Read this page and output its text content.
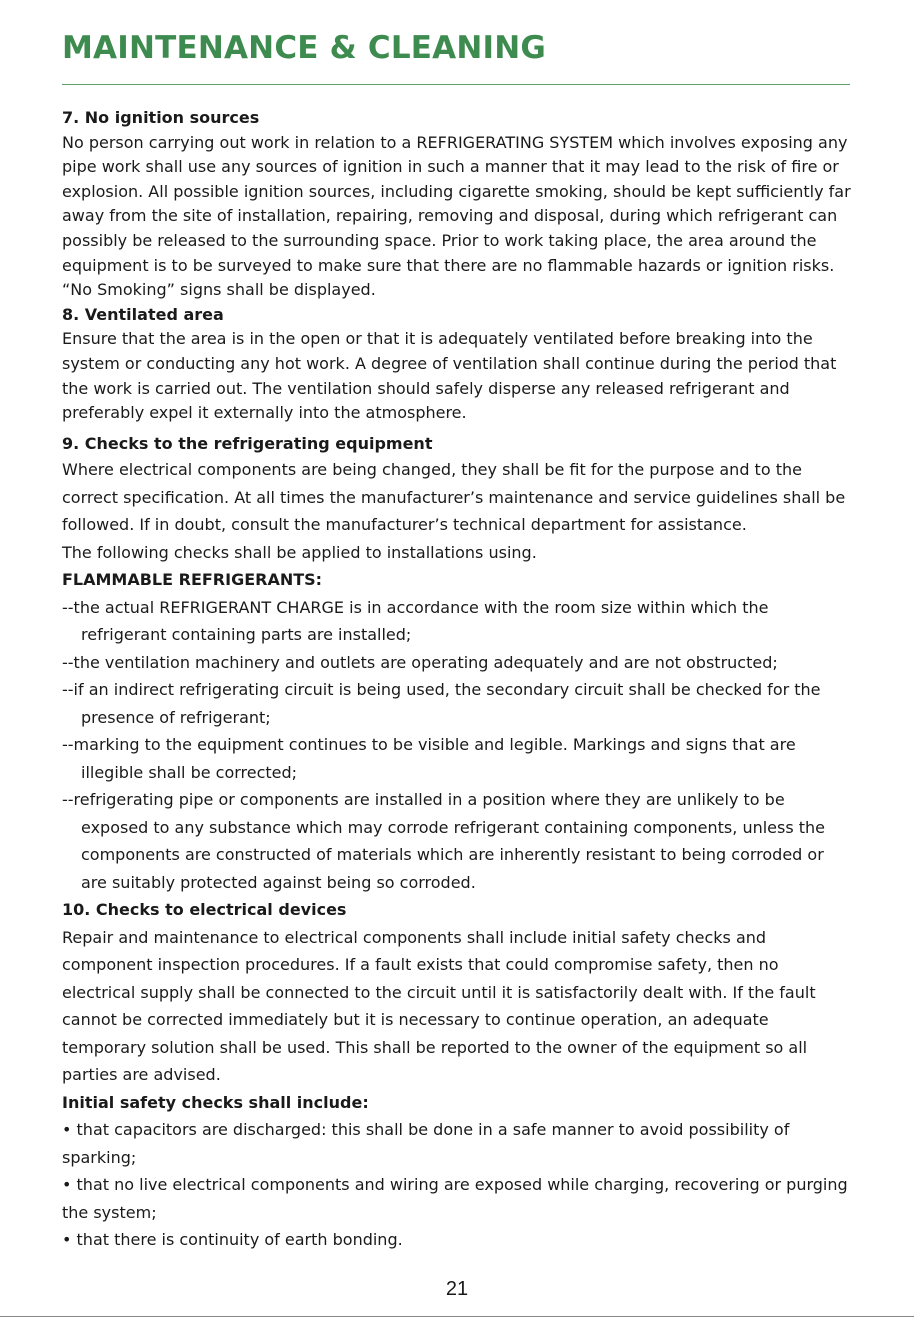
MAINTENANCE & CLEANING

7. No ignition sources

No person carrying out work in relation to a REFRIGERATING SYSTEM which involves exposing any pipe work shall use any sources of ignition in such a manner that it may lead to the risk of fire or explosion. All possible ignition sources, including cigarette smoking, should be kept sufficiently far away from the site of installation, repairing, removing and disposal, during which refrigerant can possibly be released to the surrounding space. Prior to work taking place, the area around the equipment is to be surveyed to make sure that there are no flammable hazards or ignition risks. “No Smoking” signs shall be displayed.

8. Ventilated area

Ensure that the area is in the open or that it is adequately ventilated before breaking into the system or conducting any hot work. A degree of ventilation shall continue during the period that the work is carried out. The ventilation should safely disperse any released refrigerant and preferably expel it externally into the atmosphere.

9. Checks to the refrigerating equipment

Where electrical components are being changed, they shall be fit for the purpose and to the correct specification. At all times the manufacturer’s maintenance and service guidelines shall be followed. If in doubt, consult the manufacturer’s technical department for assistance.

The following checks shall be applied to installations using.

FLAMMABLE REFRIGERANTS:

--the actual REFRIGERANT CHARGE is in accordance with the room size within which the refrigerant containing parts are installed;

--the ventilation machinery and outlets are operating adequately and are not obstructed;

--if an indirect refrigerating circuit is being used, the secondary circuit shall be checked for the presence of refrigerant;

--marking to the equipment continues to be visible and legible. Markings and signs that are illegible shall be corrected;

--refrigerating pipe or components are installed in a position where they are unlikely to be exposed to any substance which may corrode refrigerant containing components, unless the components are constructed of materials which are inherently resistant to being corroded or are suitably protected against being so corroded.

10. Checks to electrical devices

Repair and maintenance to electrical components shall include initial safety checks and component inspection procedures. If a fault exists that could compromise safety, then no electrical supply shall be connected to the circuit until it is satisfactorily dealt with. If the fault cannot be corrected immediately but it is necessary to continue operation, an adequate temporary solution shall be used. This shall be reported to the owner of the equipment so all parties are advised.

Initial safety checks shall include:

• that capacitors are discharged: this shall be done in a safe manner to avoid possibility of sparking;

• that no live electrical components and wiring are exposed while charging, recovering or purging the system;

• that there is continuity of earth bonding.

21
